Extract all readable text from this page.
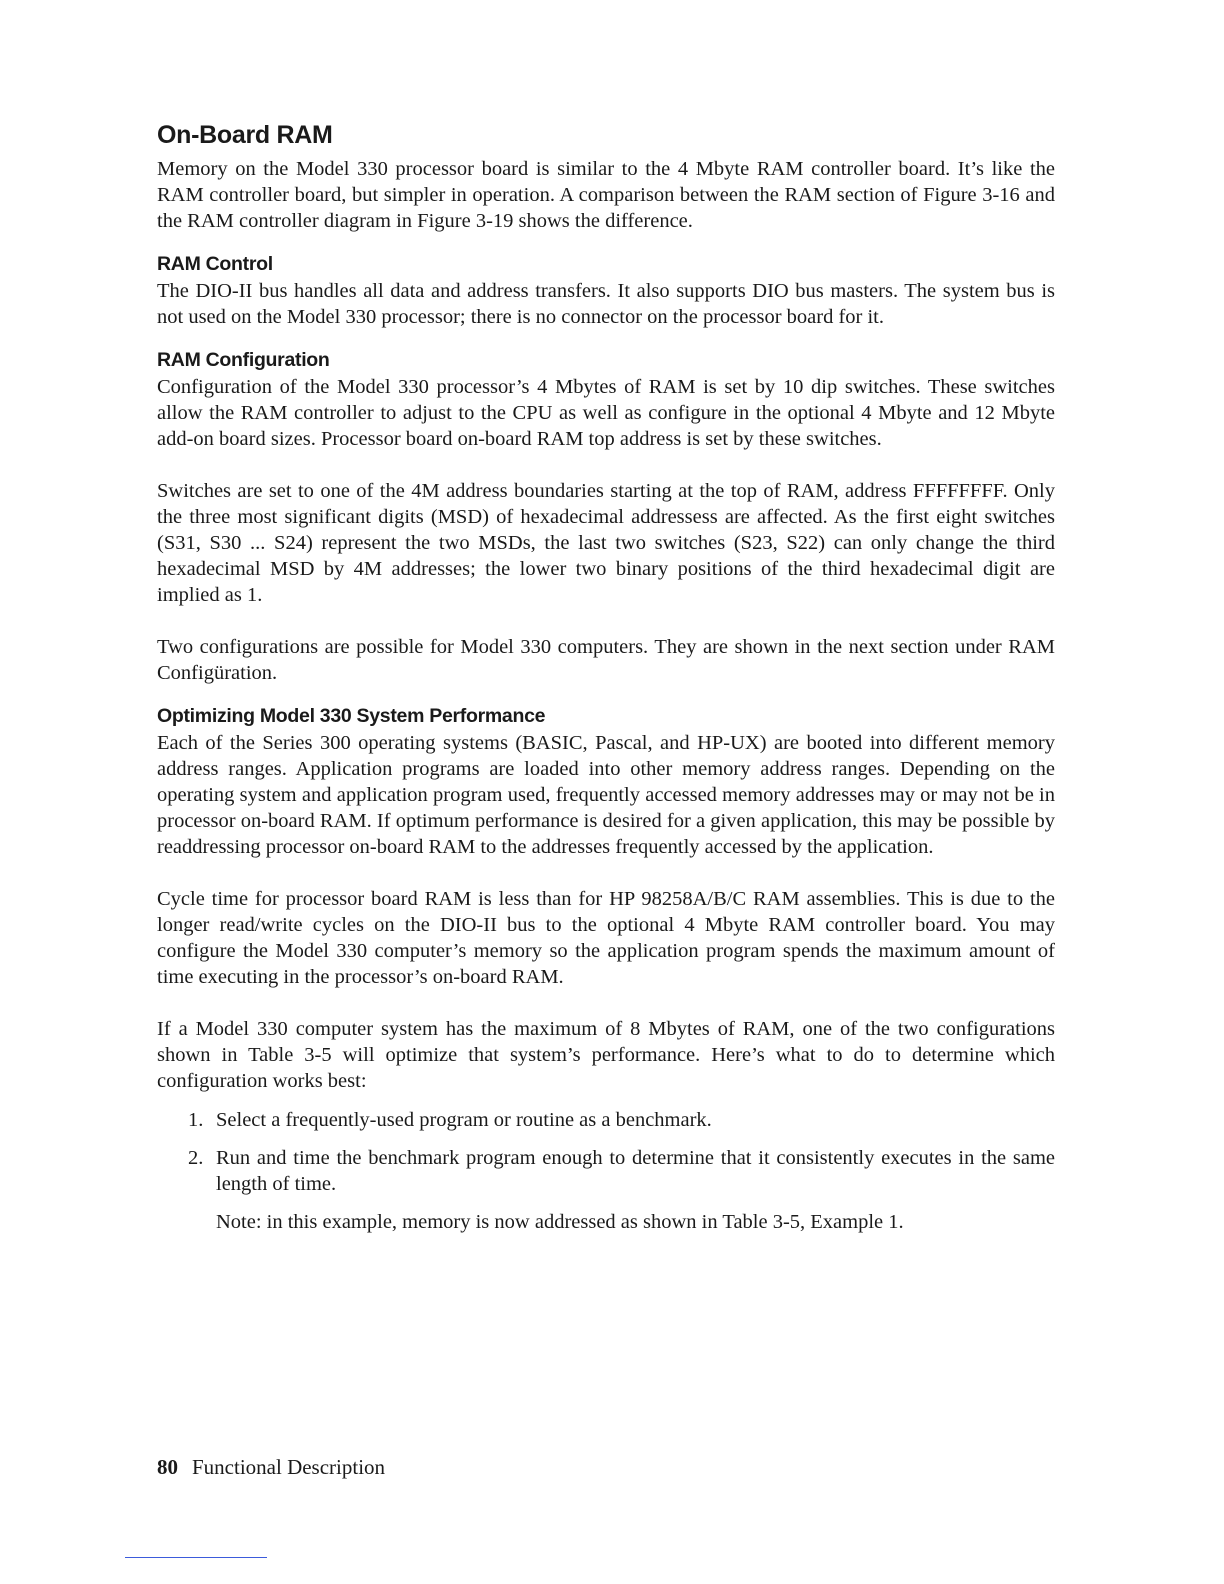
On-Board RAM

Memory on the Model 330 processor board is similar to the 4 Mbyte RAM controller board. It’s like the RAM controller board, but simpler in operation. A comparison between the RAM section of Figure 3-16 and the RAM controller diagram in Figure 3-19 shows the difference.

RAM Control

The DIO-II bus handles all data and address transfers. It also supports DIO bus masters. The system bus is not used on the Model 330 processor; there is no connector on the processor board for it.

RAM Configuration

Configuration of the Model 330 processor’s 4 Mbytes of RAM is set by 10 dip switches. These switches allow the RAM controller to adjust to the CPU as well as configure in the optional 4 Mbyte and 12 Mbyte add-on board sizes. Processor board on-board RAM top address is set by these switches.

Switches are set to one of the 4M address boundaries starting at the top of RAM, address FFFFFFFF. Only the three most significant digits (MSD) of hexadecimal addressess are affected. As the first eight switches (S31, S30 ... S24) represent the two MSDs, the last two switches (S23, S22) can only change the third hexadecimal MSD by 4M addresses; the lower two binary positions of the third hexadecimal digit are implied as 1.

Two configurations are possible for Model 330 computers. They are shown in the next section under RAM Configüration.

Optimizing Model 330 System Performance

Each of the Series 300 operating systems (BASIC, Pascal, and HP-UX) are booted into different memory address ranges. Application programs are loaded into other memory address ranges. Depending on the operating system and application program used, frequently accessed memory addresses may or may not be in processor on-board RAM. If optimum performance is desired for a given application, this may be possible by readdressing processor on-board RAM to the addresses frequently accessed by the application.

Cycle time for processor board RAM is less than for HP 98258A/B/C RAM assemblies. This is due to the longer read/write cycles on the DIO-II bus to the optional 4 Mbyte RAM controller board. You may configure the Model 330 computer’s memory so the application program spends the maximum amount of time executing in the processor’s on-board RAM.

If a Model 330 computer system has the maximum of 8 Mbytes of RAM, one of the two configurations shown in Table 3-5 will optimize that system’s performance. Here’s what to do to determine which configuration works best:

1. Select a frequently-used program or routine as a benchmark.

2. Run and time the benchmark program enough to determine that it consistently executes in the same length of time.

Note: in this example, memory is now addressed as shown in Table 3-5, Example 1.

80 Functional Description
